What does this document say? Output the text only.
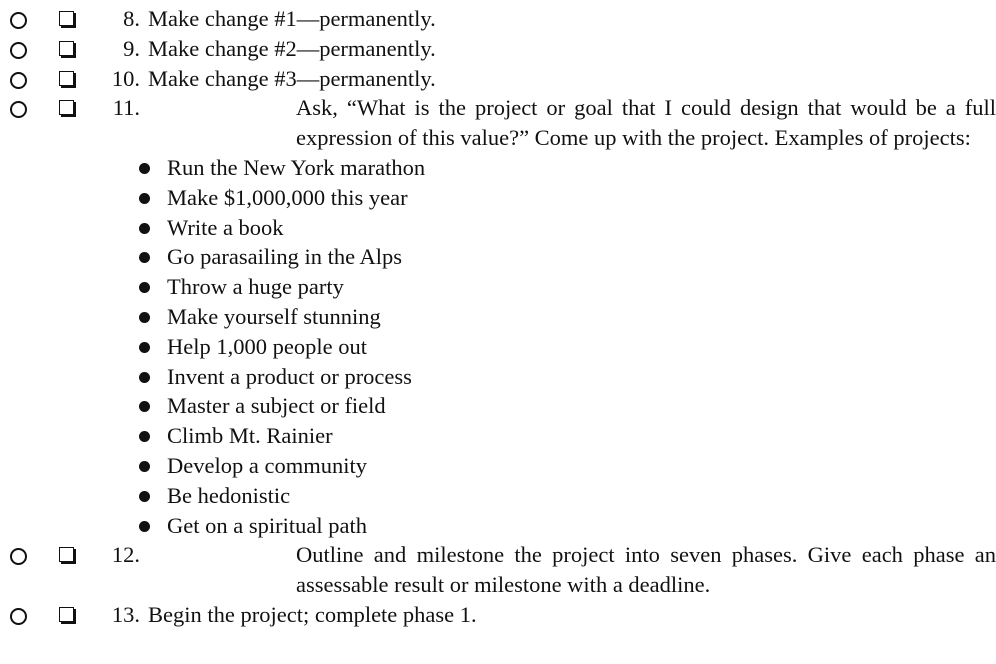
8. Make change #1—permanently.
9. Make change #2—permanently.
10. Make change #3—permanently.
11.	Ask, “What is the project or goal that I could design that would be a full expression of this value?” Come up with the project. Examples of projects:
Run the New York marathon
Make $1,000,000 this year
Write a book
Go parasailing in the Alps
Throw a huge party
Make yourself stunning
Help 1,000 people out
Invent a product or process
Master a subject or field
Climb Mt. Rainier
Develop a community
Be hedonistic
Get on a spiritual path
12.	Outline and milestone the project into seven phases. Give each phase an assessable result or milestone with a deadline.
13. Begin the project; complete phase 1.
